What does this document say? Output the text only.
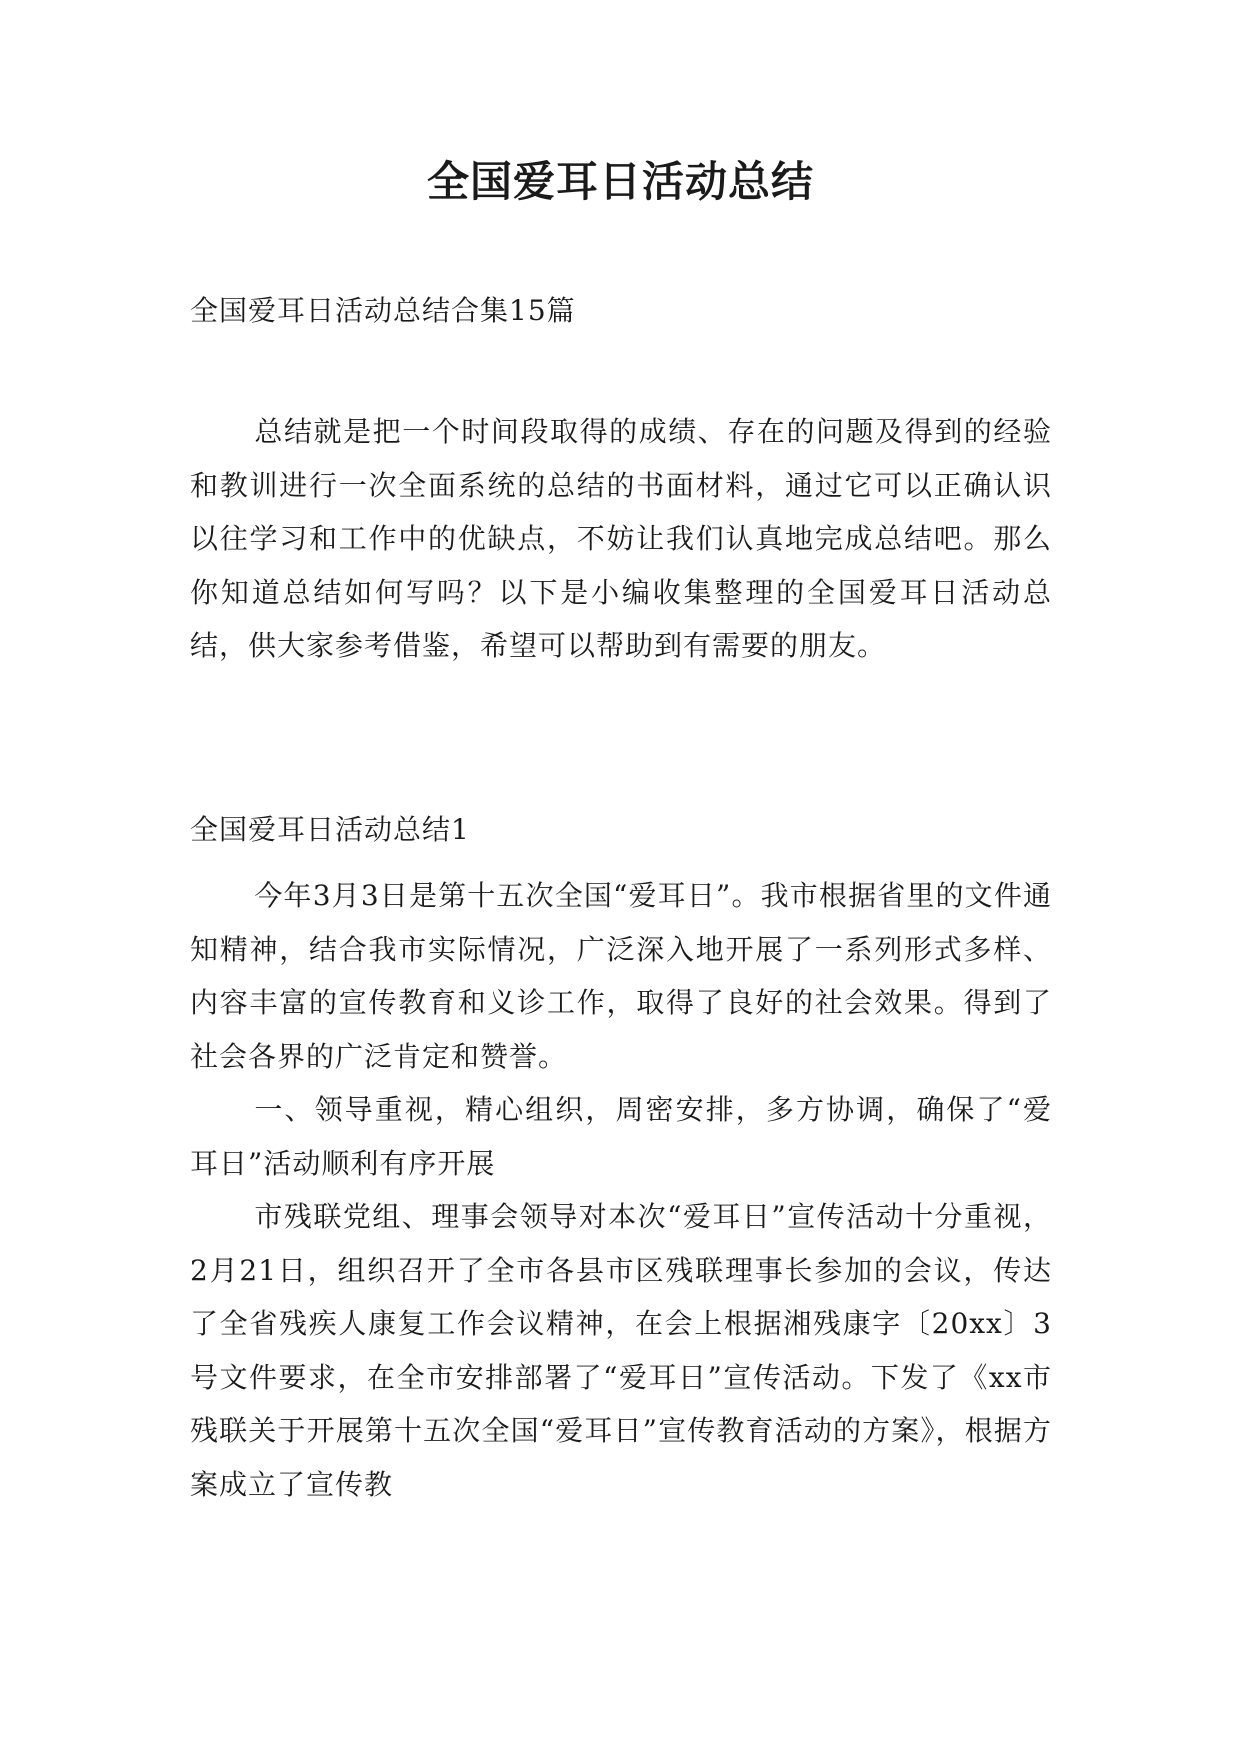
全国爱耳日活动总结

全国爱耳日活动总结合集15篇

总结就是把一个时间段取得的成绩、存在的问题及得到的经验和教训进行一次全面系统的总结的书面材料，通过它可以正确认识以往学习和工作中的优缺点，不妨让我们认真地完成总结吧。那么你知道总结如何写吗？以下是小编收集整理的全国爱耳日活动总结，供大家参考借鉴，希望可以帮助到有需要的朋友。

全国爱耳日活动总结1

今年3月3日是第十五次全国“爱耳日”。我市根据省里的文件通知精神，结合我市实际情况，广泛深入地开展了一系列形式多样、内容丰富的宣传教育和义诊工作，取得了良好的社会效果。得到了社会各界的广泛肯定和赞誉。

一、领导重视，精心组织，周密安排，多方协调，确保了“爱耳日”活动顺利有序开展

市残联党组、理事会领导对本次“爱耳日”宣传活动十分重视，2月21日，组织召开了全市各县市区残联理事长参加的会议，传达了全省残疾人康复工作会议精神，在会上根据湘残康字〔20xx〕3号文件要求，在全市安排部署了“爱耳日”宣传活动。下发了《xx市残联关于开展第十五次全国“爱耳日”宣传教育活动的方案》，根据方案成立了宣传教
